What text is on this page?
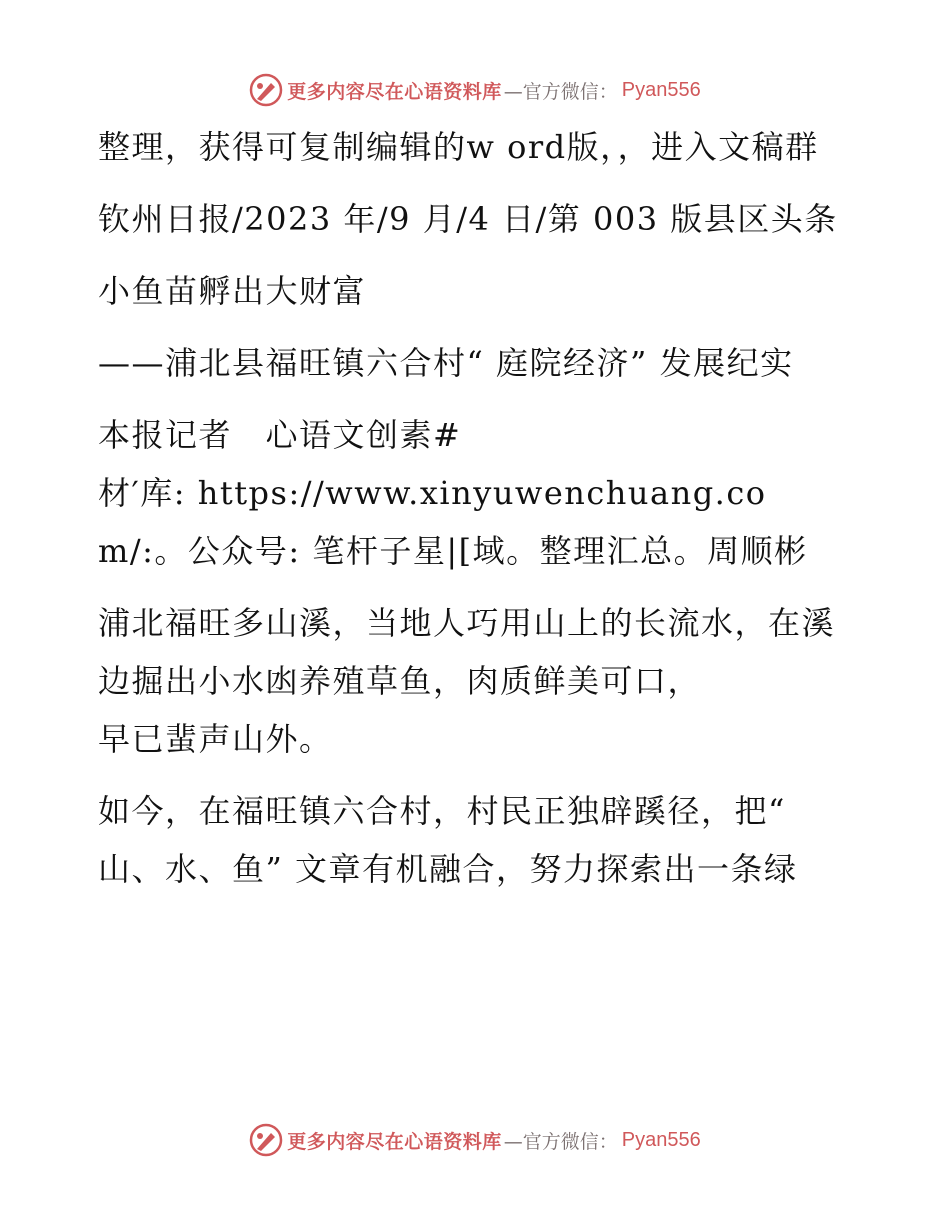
更多内容尽在心语资料库 —官方微信： Pyan556

整理，获得可复制编辑的w ord版，，进入文稿群

钦州日报/2023 年/9 月/4 日/第 003 版县区头条

小鱼苗孵出大财富

——浦北县福旺镇六合村“ 庭院经济” 发展纪实

本报记者　心语文创素#

材′库: https://www.xinyuwenchuang.com/:。公众号: 笔杆子星|[域。整理汇总。周顺彬

浦北福旺多山溪，当地人巧用山上的长流水，在溪边掘出小水凼养殖草鱼，肉质鲜美可口，

早已蜚声山外。

如今，在福旺镇六合村，村民正独辟蹊径，把“ 山、水、鱼” 文章有机融合，努力探索出一条绿

更多内容尽在心语资料库 —官方微信： Pyan556
